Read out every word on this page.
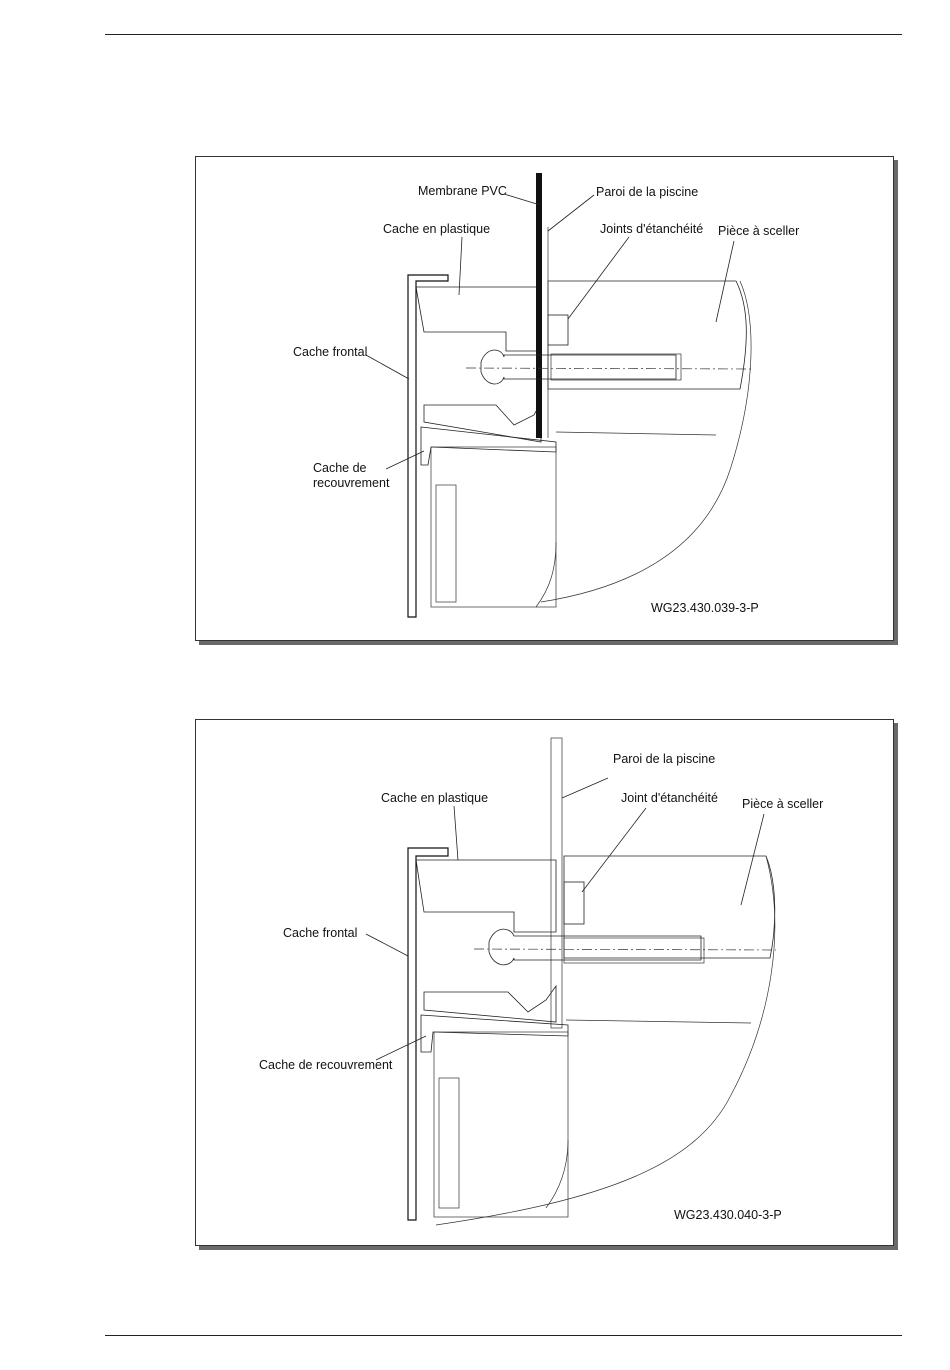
Membrane PVC	Paroi de la piscine
Cache en plastique	Joints d'étanchéité Pièce à sceller
Cache frontal
Cache de
recouvrement
WG23.430.039-3-P
Paroi de la piscine
Cache en plastique	Joint d'étanchéité Pièce à sceller
Cache frontal
Cache de recouvrement
WG23.430.040-3-P
